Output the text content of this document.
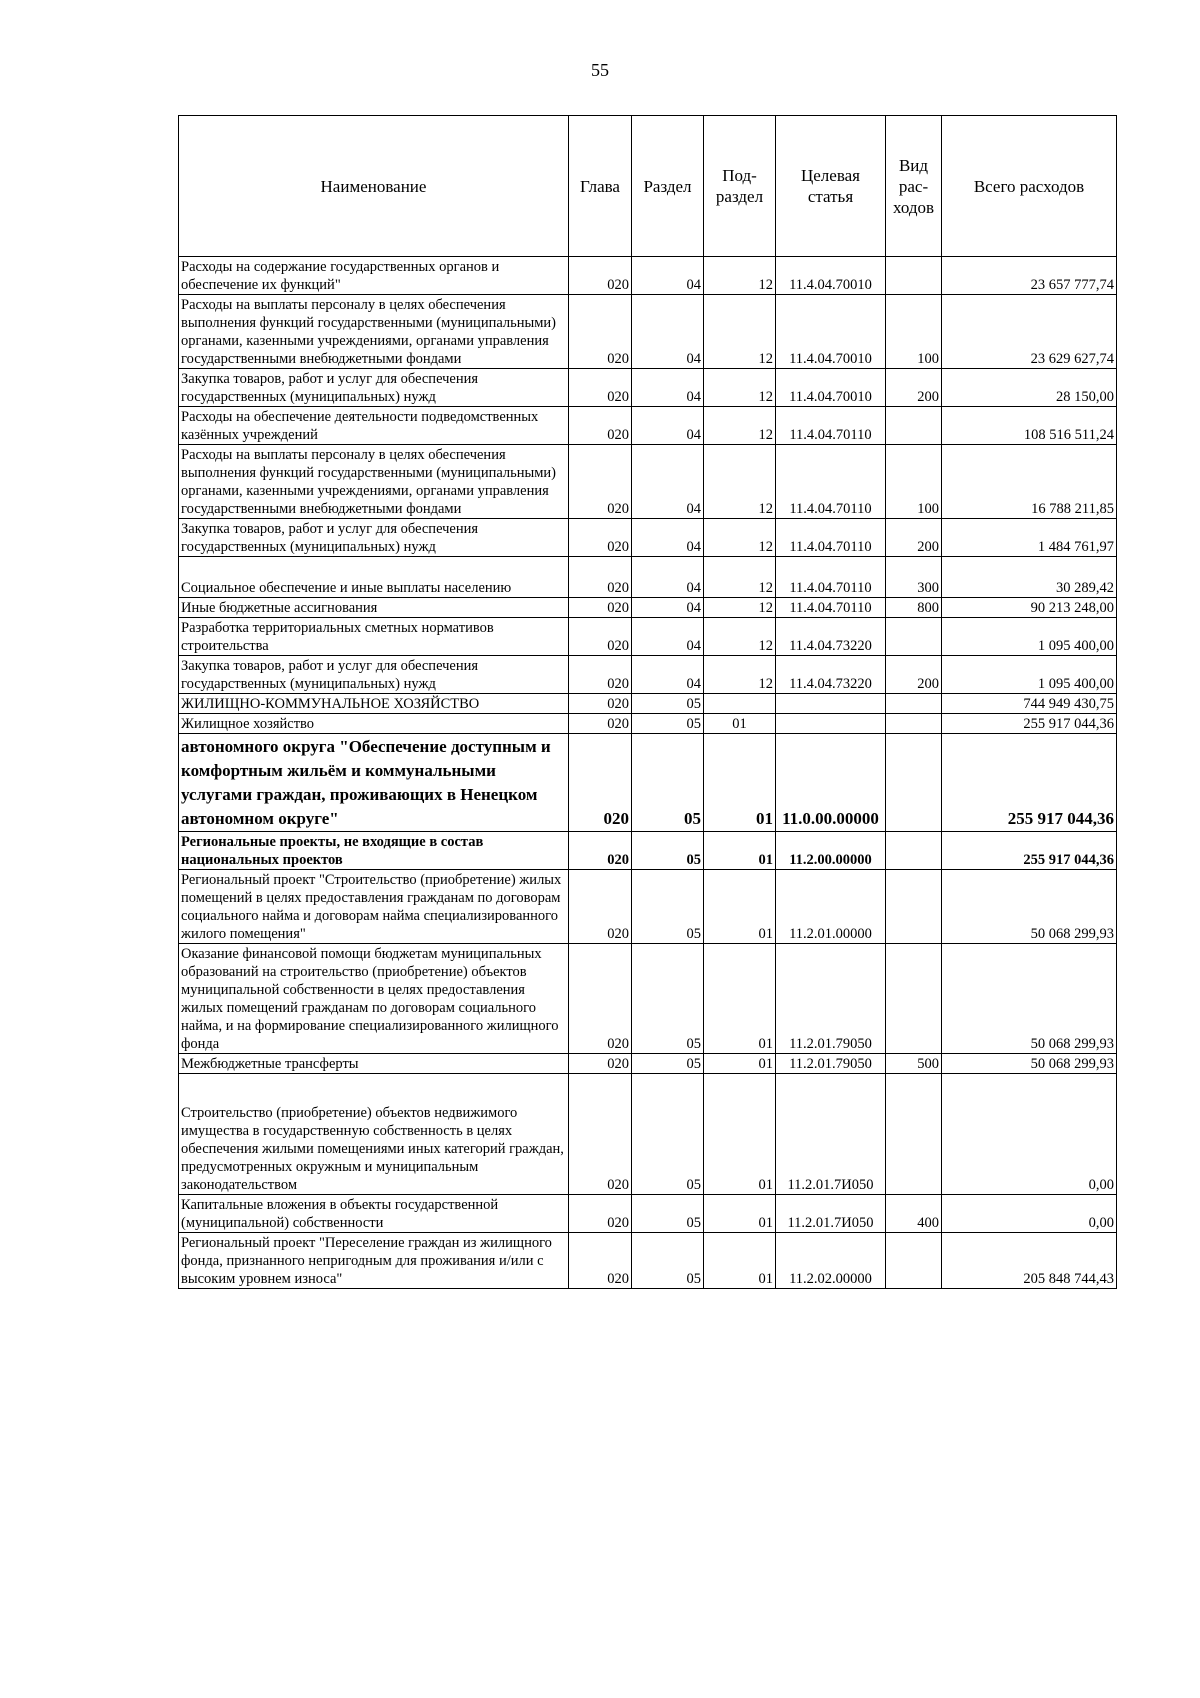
55
Наименование	Глава	Раздел	Под-раздел	Целевая статья	Вид рас-ходов	Всего расходов
Расходы на содержание государственных органов и обеспечение их функций"	020	04	12	11.4.04.70010		23 657 777,74
Расходы на выплаты персоналу в целях обеспечения выполнения функций государственными (муниципальными) органами, казенными учреждениями, органами управления государственными внебюджетными фондами	020	04	12	11.4.04.70010	100	23 629 627,74
Закупка товаров, работ и услуг для обеспечения государственных (муниципальных) нужд	020	04	12	11.4.04.70010	200	28 150,00
Расходы на обеспечение деятельности подведомственных казённых учреждений	020	04	12	11.4.04.70110		108 516 511,24
Расходы на выплаты персоналу в целях обеспечения выполнения функций государственными (муниципальными) органами, казенными учреждениями, органами управления государственными внебюджетными фондами	020	04	12	11.4.04.70110	100	16 788 211,85
Закупка товаров, работ и услуг для обеспечения государственных (муниципальных) нужд	020	04	12	11.4.04.70110	200	1 484 761,97
Социальное обеспечение и иные выплаты населению	020	04	12	11.4.04.70110	300	30 289,42
Иные бюджетные ассигнования	020	04	12	11.4.04.70110	800	90 213 248,00
Разработка территориальных сметных нормативов строительства	020	04	12	11.4.04.73220		1 095 400,00
Закупка товаров, работ и услуг для обеспечения государственных (муниципальных) нужд	020	04	12	11.4.04.73220	200	1 095 400,00
ЖИЛИЩНО-КОММУНАЛЬНОЕ ХОЗЯЙСТВО	020	05				744 949 430,75
Жилищное хозяйство	020	05	01			255 917 044,36
автономного округа "Обеспечение доступным и комфортным жильём и коммунальными услугами граждан, проживающих в Ненецком автономном округе"	020	05	01	11.0.00.00000		255 917 044,36
Региональные проекты, не входящие в состав национальных проектов	020	05	01	11.2.00.00000		255 917 044,36
Региональный проект "Строительство (приобретение) жилых помещений в целях предоставления гражданам по договорам социального найма и договорам найма специализированного жилого помещения"	020	05	01	11.2.01.00000		50 068 299,93
Оказание финансовой помощи бюджетам муниципальных образований на строительство (приобретение) объектов муниципальной собственности в целях предоставления жилых помещений гражданам по договорам социального найма, и на формирование специализированного жилищного фонда	020	05	01	11.2.01.79050		50 068 299,93
Межбюджетные трансферты	020	05	01	11.2.01.79050	500	50 068 299,93
Строительство (приобретение) объектов недвижимого имущества в государственную собственность в целях обеспечения жилыми помещениями иных категорий граждан, предусмотренных окружным и муниципальным законодательством	020	05	01	11.2.01.7И050		0,00
Капитальные вложения в объекты государственной (муниципальной) собственности	020	05	01	11.2.01.7И050	400	0,00
Региональный проект "Переселение граждан из жилищного фонда, признанного непригодным для проживания и/или с высоким уровнем износа"	020	05	01	11.2.02.00000		205 848 744,43
